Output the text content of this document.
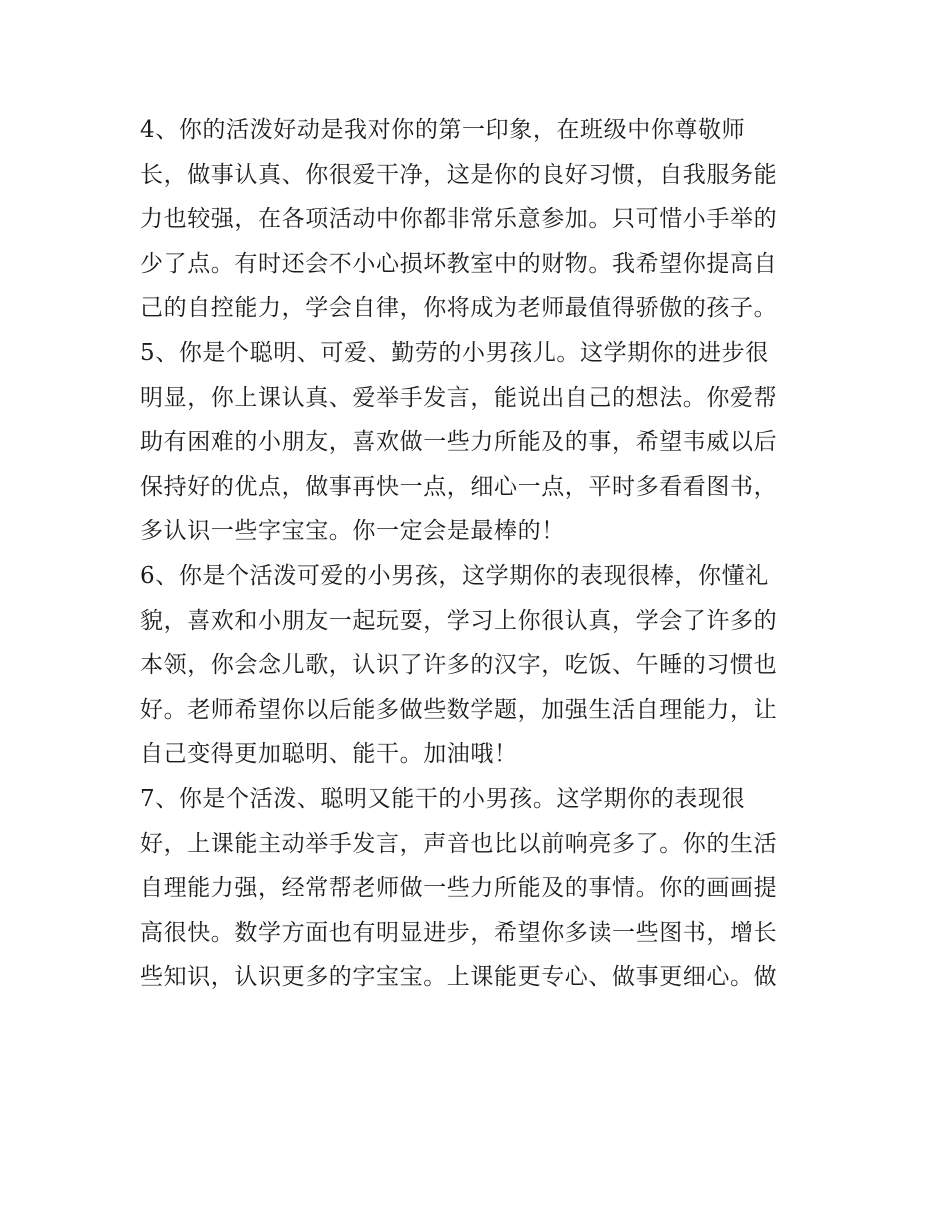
4、你的活泼好动是我对你的第一印象，在班级中你尊敬师
长，做事认真、你很爱干净，这是你的良好习惯，自我服务能
力也较强，在各项活动中你都非常乐意参加。只可惜小手举的
少了点。有时还会不小心损坏教室中的财物。我希望你提高自
己的自控能力，学会自律，你将成为老师最值得骄傲的孩子。
5、你是个聪明、可爱、勤劳的小男孩儿。这学期你的进步很
明显，你上课认真、爱举手发言，能说出自己的想法。你爱帮
助有困难的小朋友，喜欢做一些力所能及的事，希望韦威以后
保持好的优点，做事再快一点，细心一点，平时多看看图书，
多认识一些字宝宝。你一定会是最棒的！
6、你是个活泼可爱的小男孩，这学期你的表现很棒，你懂礼
貌，喜欢和小朋友一起玩耍，学习上你很认真，学会了许多的
本领，你会念儿歌，认识了许多的汉字，吃饭、午睡的习惯也
好。老师希望你以后能多做些数学题，加强生活自理能力，让
自己变得更加聪明、能干。加油哦！
7、你是个活泼、聪明又能干的小男孩。这学期你的表现很
好，上课能主动举手发言，声音也比以前响亮多了。你的生活
自理能力强，经常帮老师做一些力所能及的事情。你的画画提
高很快。数学方面也有明显进步，希望你多读一些图书，增长
些知识，认识更多的字宝宝。上课能更专心、做事更细心。做
